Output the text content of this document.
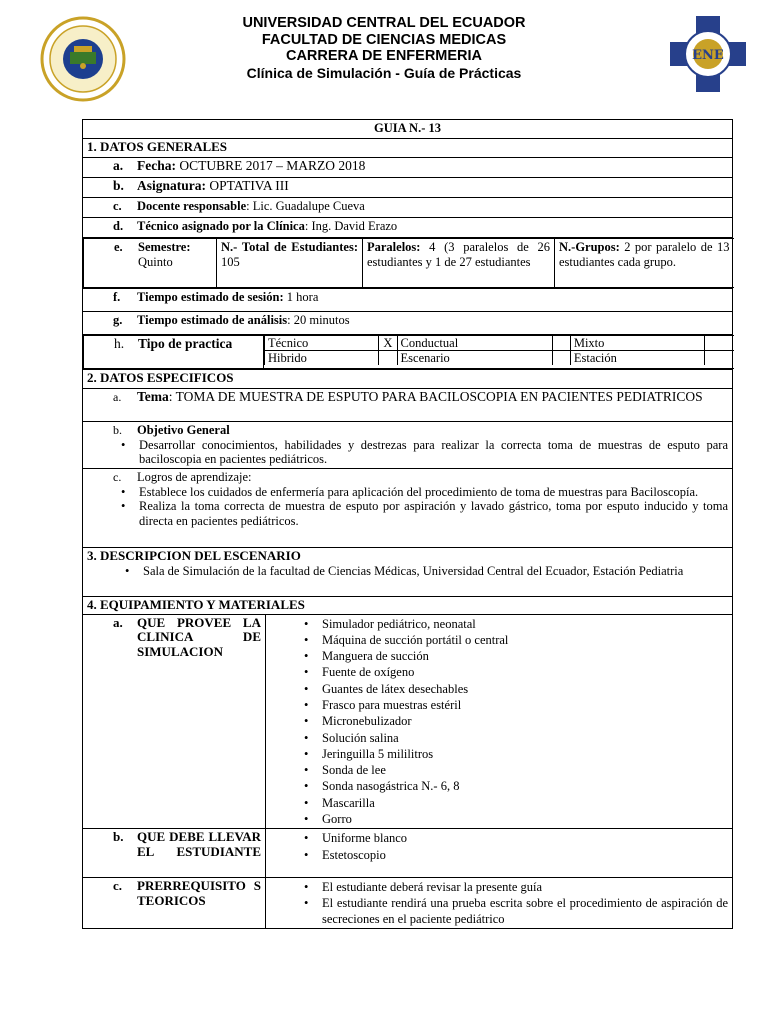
UNIVERSIDAD CENTRAL DEL ECUADOR
FACULTAD DE CIENCIAS MEDICAS
CARRERA DE ENFERMERIA
Clínica de Simulación - Guía de Prácticas
ENE
GUIA N.- 13
1. DATOS GENERALES
a. Fecha: OCTUBRE 2017 – MARZO 2018
b. Asignatura: OPTATIVA III
c. Docente responsable: Lic. Guadalupe Cueva
d. Técnico asignado por la Clínica: Ing. David Erazo

e. Semestre:
Quinto	N.- Total de Estudiantes: 105	Paralelos: 4 (3 paralelos de 26 estudiantes y 1 de 27 estudiantes	N.-Grupos: 2 por paralelo de 13 estudiantes cada grupo.

f. Tiempo estimado de sesión: 1 hora
g. Tiempo estimado de análisis: 20 minutos

h. Tipo de practica		Técnico	X	Conductual		Mixto	
Hibrido		Escenario		Estación	

2. DATOS ESPECIFICOS
a. Tema: TOMA DE MUESTRA DE ESPUTO PARA BACILOSCOPIA EN PACIENTES PEDIATRICOS
b. Objetivo General
• Desarrollar conocimientos, habilidades y destrezas para realizar la correcta toma de muestras de esputo para baciloscopia en pacientes pediátricos.

c. Logros de aprendizaje:
• Establece los cuidados de enfermería para aplicación del procedimiento de toma de muestras para Baciloscopía.
• Realiza la toma correcta de muestra de esputo por aspiración y lavado gástrico, toma por esputo inducido y toma directa en pacientes pediátricos.

3. DESCRIPCION DEL ESCENARIO
• Sala de Simulación de la facultad de Ciencias Médicas, Universidad Central del Ecuador, Estación Pediatria

4. EQUIPAMIENTO Y MATERIALES

a.	QUE PROVEE LA CLINICA DE SIMULACION

• Simulador pediátrico, neonatal
• Máquina de succión portátil o central
• Manguera de succión
• Fuente de oxígeno
• Guantes de látex desechables
• Frasco para muestras estéril
• Micronebulizador
• Solución salina
• Jeringuilla 5 mililitros
• Sonda de lee
• Sonda nasogástrica N.- 6, 8
• Mascarilla
• Gorro

b.	QUE DEBE LLEVAR EL ESTUDIANTE

• Uniforme blanco
• Estetoscopio

c.	PRERREQUISITO S TEORICOS

• El estudiante deberá revisar la presente guía
• El estudiante rendirá una prueba escrita sobre el procedimiento de aspiración de secreciones en el paciente pediátrico
